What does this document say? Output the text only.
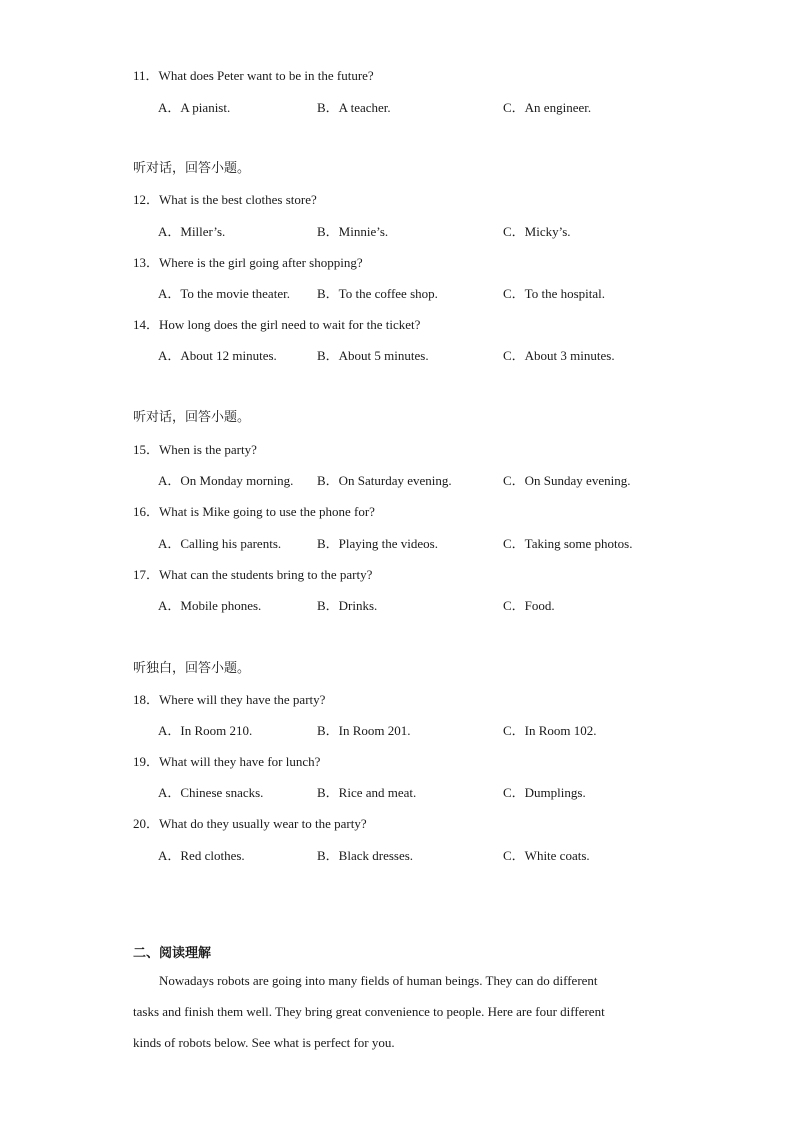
11．What does Peter want to be in the future?
A．A pianist.	B．A teacher.	C．An engineer.
听对话，回答小题。
12．What is the best clothes store?
A．Miller’s.	B．Minnie’s.	C．Micky’s.
13．Where is the girl going after shopping?
A．To the movie theater. B．To the coffee shop.	C．To the hospital.
14．How long does the girl need to wait for the ticket?
A．About 12 minutes.	B．About 5 minutes.	C．About 3 minutes.
听对话，回答小题。
15．When is the party?
A．On Monday morning. B．On Saturday evening.	C．On Sunday evening.
16．What is Mike going to use the phone for?
A．Calling his parents.	B．Playing the videos.	C．Taking some photos.
17．What can the students bring to the party?
A．Mobile phones.	B．Drinks.	C．Food.
听独白，回答小题。
18．Where will they have the party?
A．In Room 210.	B．In Room 201.	C．In Room 102.
19．What will they have for lunch?
A．Chinese snacks.	B．Rice and meat.	C．Dumplings.
20．What do they usually wear to the party?
A．Red clothes.	B．Black dresses.	C．White coats.
二、阅读理解
Nowadays robots are going into many fields of human beings. They can do different
tasks and finish them well. They bring great convenience to people. Here are four different
kinds of robots below. See what is perfect for you.
